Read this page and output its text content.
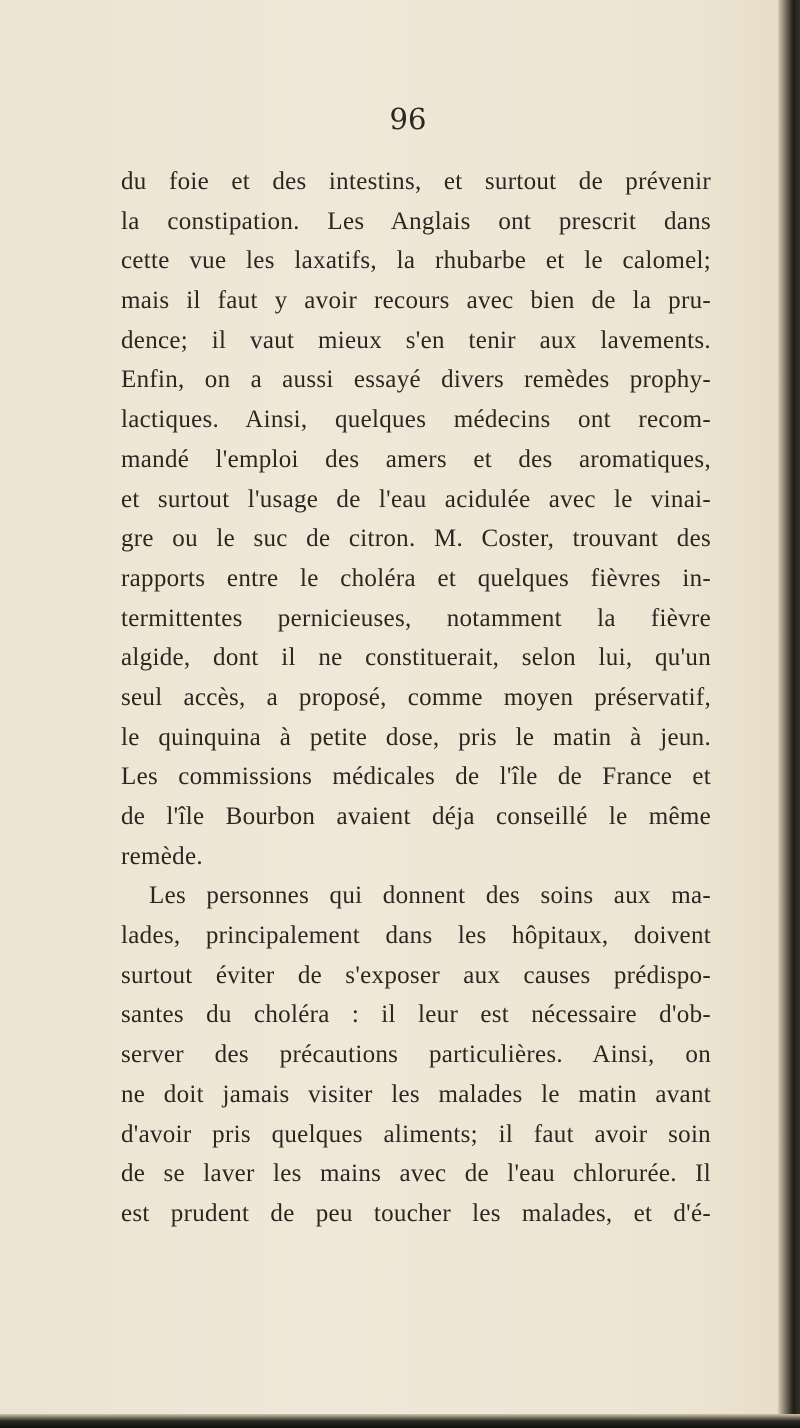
96

du foie et des intestins, et surtout de prévenir
la constipation. Les Anglais ont prescrit dans
cette vue les laxatifs, la rhubarbe et le calomel;
mais il faut y avoir recours avec bien de la pru-
dence; il vaut mieux s'en tenir aux lavements.
Enfin, on a aussi essayé divers remèdes prophy-
lactiques. Ainsi, quelques médecins ont recom-
mandé l'emploi des amers et des aromatiques,
et surtout l'usage de l'eau acidulée avec le vinai-
gre ou le suc de citron. M. Coster, trouvant des
rapports entre le choléra et quelques fièvres in-
termittentes pernicieuses, notamment la fièvre
algide, dont il ne constituerait, selon lui, qu'un
seul accès, a proposé, comme moyen préservatif,
le quinquina à petite dose, pris le matin à jeun.
Les commissions médicales de l'île de France et
de l'île Bourbon avaient déja conseillé le même
remède.
Les personnes qui donnent des soins aux ma-
lades, principalement dans les hôpitaux, doivent
surtout éviter de s'exposer aux causes prédispo-
santes du choléra : il leur est nécessaire d'ob-
server des précautions particulières. Ainsi, on
ne doit jamais visiter les malades le matin avant
d'avoir pris quelques aliments; il faut avoir soin
de se laver les mains avec de l'eau chlorurée. Il
est prudent de peu toucher les malades, et d'é-
